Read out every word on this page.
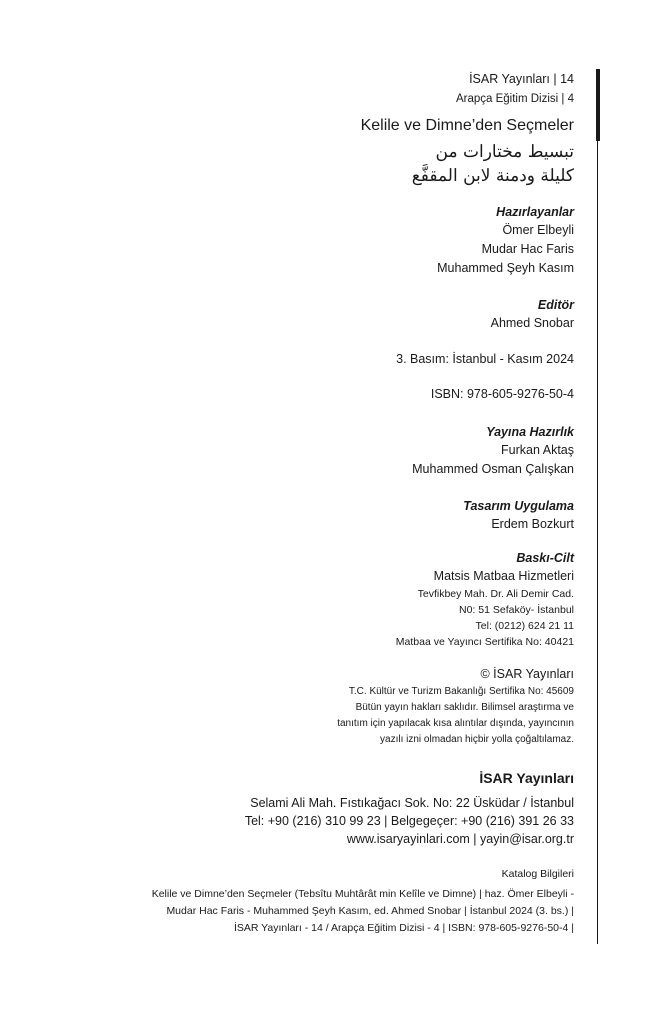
İSAR Yayınları | 14
Arapça Eğitim Dizisi | 4
Kelile ve Dimne’den Seçmeler
تبسيط مختارات من
كليلة ودمنة لابن المقفَّع
Hazırlayanlar
Ömer Elbeyli
Mudar Hac Faris
Muhammed Şeyh Kasım
Editör
Ahmed Snobar
3. Basım: İstanbul - Kasım 2024
ISBN: 978-605-9276-50-4
Yayına Hazırlık
Furkan Aktaş
Muhammed Osman Çalışkan
Tasarım Uygulama
Erdem Bozkurt
Baskı-Cilt
Matsis Matbaa Hizmetleri
Tevfikbey Mah. Dr. Ali Demir Cad.
N0: 51 Sefaköy- İstanbul
Tel: (0212) 624 21 11
Matbaa ve Yayıncı Sertifika No: 40421
© İSAR Yayınları
T.C. Kültür ve Turizm Bakanlığı Sertifika No: 45609
Bütün yayın hakları saklıdır. Bilimsel araştırma ve
tanıtım için yapılacak kısa alıntılar dışında, yayıncının
yazılı izni olmadan hiçbir yolla çoğaltılamaz.
İSAR Yayınları
Selami Ali Mah. Fıstıkağacı Sok. No: 22 Üsküdar / İstanbul
Tel: +90 (216) 310 99 23 | Belgegeçer: +90 (216) 391 26 33
www.isaryayinlari.com | yayin@isar.org.tr
Katalog Bilgileri
Kelile ve Dimne’den Seçmeler (Tebsîtu Muhtârât min Kelîle ve Dimne) | haz. Ömer Elbeyli -
Mudar Hac Faris - Muhammed Şeyh Kasım, ed. Ahmed Snobar | İstanbul 2024 (3. bs.) |
İSAR Yayınları - 14 / Arapça Eğitim Dizisi - 4 | ISBN: 978-605-9276-50-4 |
